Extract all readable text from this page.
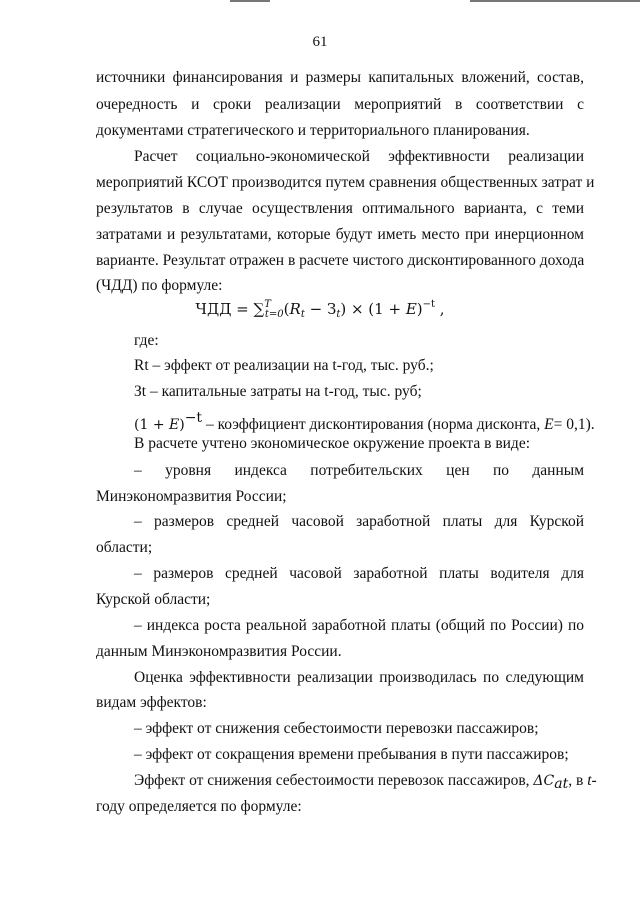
61
источники финансирования и размеры капитальных вложений, состав,
очередность и сроки реализации мероприятий в соответствии с
документами стратегического и территориального планирования.
Расчет социально-экономической эффективности реализации
мероприятий КСОТ производится путем сравнения общественных затрат и
результатов в случае осуществления оптимального варианта, с теми
затратами и результатами, которые будут иметь место при инерционном
варианте. Результат отражен в расчете чистого дисконтированного дохода
(ЧДД) по формуле:
ЧДД = $\sum^T_{t=0}(R_t - З_t) \times (1 + E)^{-t}$ ,
где:
Rt – эффект от реализации на t-год, тыс. руб.;
Зt – капитальные затраты на t-год, тыс. руб;
(1 + E)−t – коэффициент дисконтирования (норма дисконта, E= 0,1).
В расчете учтено экономическое окружение проекта в виде:
– уровня индекса потребительских цен по данным
Минэкономразвития России;
– размеров средней часовой заработной платы для Курской
области;
– размеров средней часовой заработной платы водителя для
Курской области;
– индекса роста реальной заработной платы (общий по России) по
данным Минэкономразвития России.
Оценка эффективности реализации производилась по следующим
видам эффектов:
– эффект от снижения себестоимости перевозки пассажиров;
– эффект от сокращения времени пребывания в пути пассажиров;
Эффект от снижения себестоимости перевозок пассажиров, ΔCat, в t-
году определяется по формуле:
